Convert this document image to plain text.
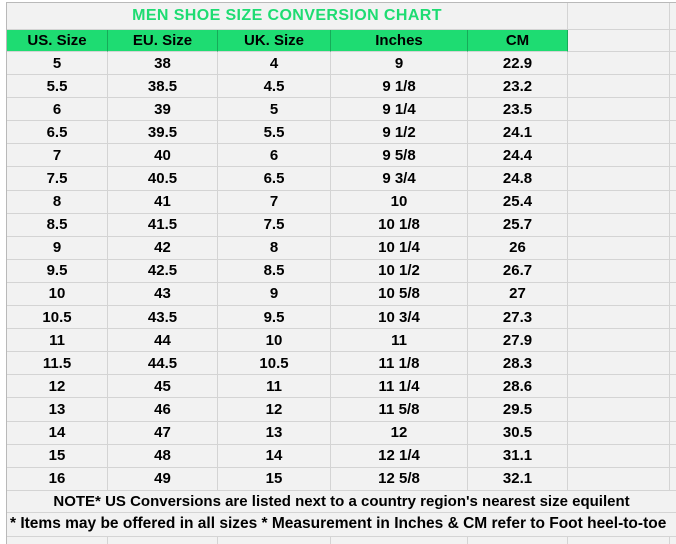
MEN SHOE SIZE CONVERSION CHART
US. Size	EU. Size	UK. Size	Inches	CM
NOTE* US Conversions are listed next to a country region's nearest size equilent
* Items may be offered in all sizes * Measurement in Inches & CM refer to Foot heel-to-toe
5	38	4	9	22.9
5.5	38.5	4.5	9 1/8	23.2
6	39	5	9 1/4	23.5
6.5	39.5	5.5	9 1/2	24.1
7	40	6	9 5/8	24.4
7.5	40.5	6.5	9 3/4	24.8
8	41	7	10	25.4
8.5	41.5	7.5	10 1/8	25.7
9	42	8	10 1/4	26
9.5	42.5	8.5	10 1/2	26.7
10	43	9	10 5/8	27
10.5	43.5	9.5	10 3/4	27.3
11	44	10	11	27.9
11.5	44.5	10.5	11 1/8	28.3
12	45	11	11 1/4	28.6
13	46	12	11 5/8	29.5
14	47	13	12	30.5
15	48	14	12 1/4	31.1
16	49	15	12 5/8	32.1
